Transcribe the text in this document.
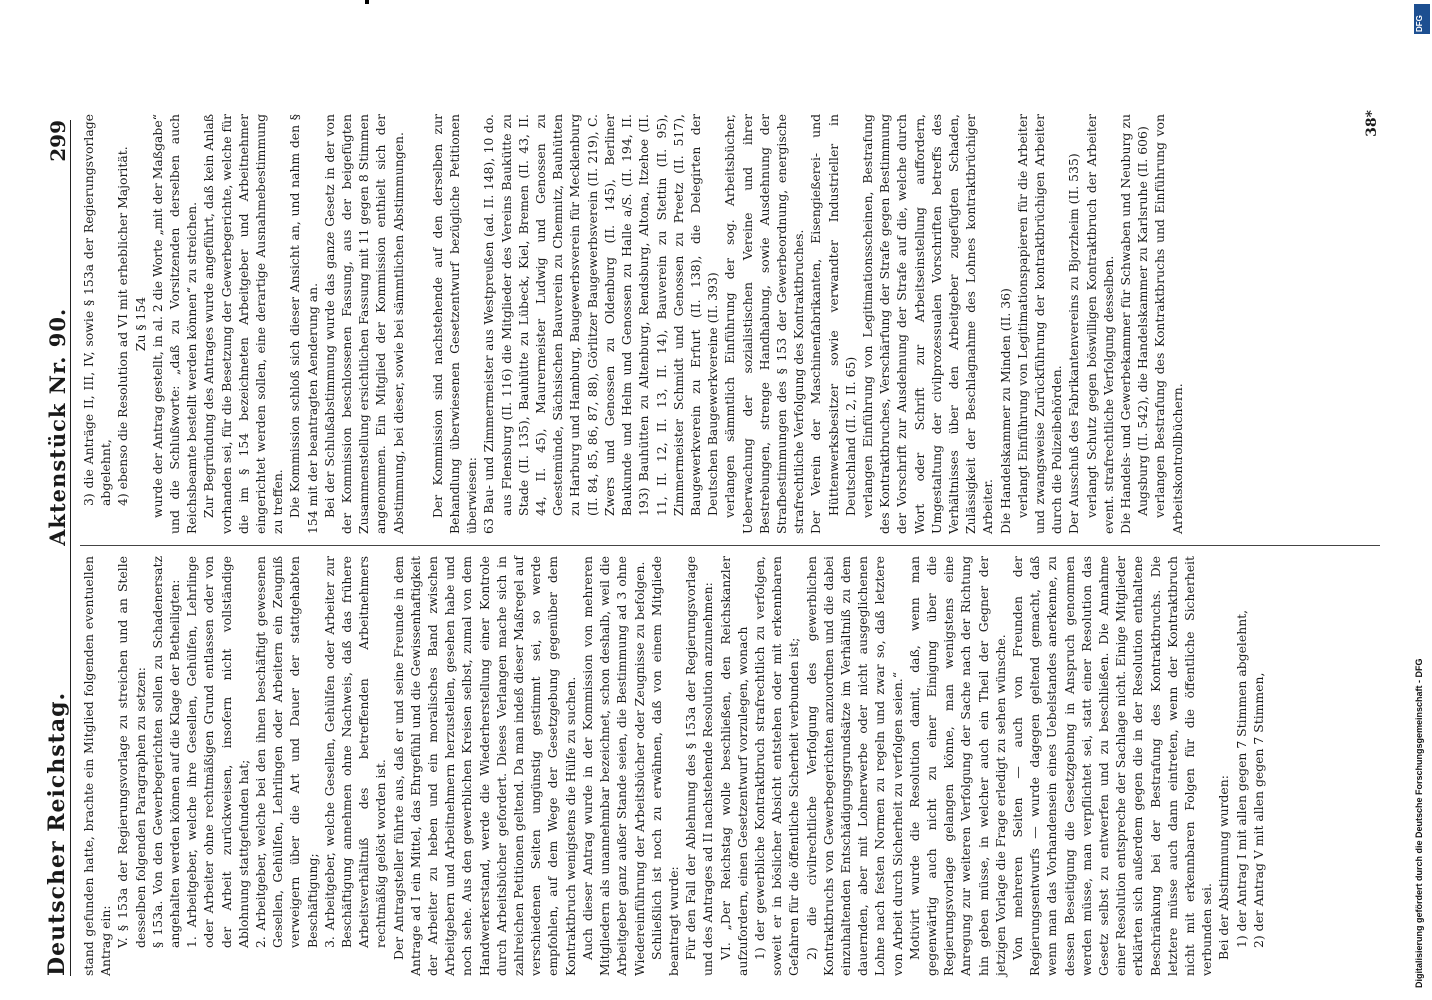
Deutscher Reichstag.
Aktenstück Nr. 90.
299

stand gefunden hatte, brachte ein Mitglied folgenden eventuellen Antrag ein: V. § 153a der Regierungsvorlage zu streichen und an Stelle desselben folgenden Paragraphen zu setzen: § 153a. Von den Gewerbegerichten sollen zu Schadenersatz angehalten werden können auf die Klage der Betheiligten: 1. Arbeitgeber, welche ihre Gesellen, Gehülfen, Lehrlinge oder Arbeiter ohne rechtmäßigen Grund entlassen oder von der Arbeit zurückweisen, insofern nicht vollständige Ablohnung stattgefunden hat; 2. Arbeitgeber, welche bei den ihnen beschäftigt gewesenen Gesellen, Gehülfen, Lehrlingen oder Arbeitern ein Zeugniß verweigern über die Art und Dauer der stattgehabten Beschäftigung; 3. Arbeitgeber, welche Gesellen, Gehülfen oder Arbeiter zur Beschäftigung annehmen ohne Nachweis, daß das frühere Arbeitsverhältniß des betreffenden Arbeitnehmers rechtmäßig gelöst worden ist. Der Antragsteller führte aus, daß er und seine Freunde in dem Antrage ad I ein Mittel, das Ehrgefühl und die Gewissenhaftigkeit der Arbeiter zu heben und ein moralisches Band zwischen Arbeitgebern und Arbeitnehmern herzustellen, gesehen habe und noch sehe. Aus den gewerblichen Kreisen selbst, zumal von dem Handwerkerstand, werde die Wiederherstellung einer Kontrole durch Arbeitsbücher gefordert. Dieses Verlangen mache sich in zahlreichen Petitionen geltend. Da man indeß dieser Maßregel auf verschiedenen Seiten ungünstig gestimmt sei, so werde empfohlen, auf dem Wege der Gesetzgebung gegenüber dem Kontraktbruch wenigstens die Hülfe zu suchen. Auch dieser Antrag wurde in der Kommission von mehreren Mitgliedern als unannehmbar bezeichnet, schon deshalb, weil die Arbeitgeber ganz außer Stande seien, die Bestimmung ad 3 ohne Wiedereinführung der Arbeitsbücher oder Zeugnisse zu befolgen. Schließlich ist noch zu erwähnen, daß von einem Mitgliede beantragt wurde: Für den Fall der Ablehnung des § 153a der Regierungsvorlage und des Antrages ad II nachstehende Resolution anzunehmen: VI. „Der Reichstag wolle beschließen, den Reichskanzler aufzufordern, einen Gesetzentwurf vorzulegen, wonach 1) der gewerbliche Kontraktbruch strafrechtlich zu verfolgen, soweit er in böslicher Absicht entstehen oder mit erkennbaren Gefahren für die öffentliche Sicherheit verbunden ist; 2) die civilrechtliche Verfolgung des gewerblichen Kontraktbruchs von Gewerbegerichten anzuordnen und die dabei einzuhaltenden Entschädigungsgrundsätze im Verhältniß zu dem dauernden, aber mit Lohnerwerbe oder nicht ausgeglichenen Lohne nach festen Normen zu regeln und zwar so, daß letztere von Arbeit durch Sicherheit zu verfolgen seien.“ Motivirt wurde die Resolution damit, daß, wenn man gegenwärtig auch nicht zu einer Einigung über die Regierungsvorlage gelangen könne, man wenigstens eine Anregung zur weiteren Verfolgung der Sache nach der Richtung hin geben müsse, in welcher auch ein Theil der Gegner der jetzigen Vorlage die Frage erledigt zu sehen wünsche. Von mehreren Seiten — auch von Freunden der Regierungsentwurfs — wurde dagegen geltend gemacht, daß wenn man das Vorhandensein eines Uebelstandes anerkenne, zu dessen Beseitigung die Gesetzgebung in Anspruch genommen werden müsse, man verpflichtet sei, statt einer Resolution das Gesetz selbst zu entwerfen und zu beschließen. Die Annahme einer Resolution entspreche der Sachlage nicht. Einige Mitglieder erklärten sich außerdem gegen die in der Resolution enthaltene Beschränkung bei der Bestrafung des Kontraktbruchs. Die letztere müsse auch dann eintreten, wenn der Kontraktbruch nicht mit erkennbaren Folgen für die öffentliche Sicherheit verbunden sei. Bei der Abstimmung wurden: 1) der Antrag I mit allen gegen 7 Stimmen abgelehnt, 2) der Antrag V mit allen gegen 7 Stimmen,

3) die Anträge II, III, IV, sowie § 153a der Regierungsvorlage abgelehnt, 4) ebenso die Resolution ad VI mit erheblicher Majorität. Zu § 154 wurde der Antrag gestellt, in al. 2 die Worte „mit der Maßgabe“ und die Schlußworte: „daß zu Vorsitzenden derselben auch Reichsbeamte bestellt werden können“ zu streichen. Zur Begründung des Antrages wurde angeführt, daß kein Anlaß vorhanden sei, für die Besetzung der Gewerbegerichte, welche für die im § 154 bezeichneten Arbeitgeber und Arbeitnehmer eingerichtet werden sollen, eine derartige Ausnahmebestimmung zu treffen. Die Kommission schloß sich dieser Ansicht an, und nahm den § 154 mit der beantragten Aenderung an. Bei der Schlußabstimmung wurde das ganze Gesetz in der von der Kommission beschlossenen Fassung, aus der beigefügten Zusammenstellung ersichtlichen Fassung mit 11 gegen 8 Stimmen angenommen. Ein Mitglied der Kommission enthielt sich der Abstimmung, bei dieser, sowie bei sämmtlichen Abstimmungen. Der Kommission sind nachstehende auf den derselben zur Behandlung überwiesenen Gesetzentwurf bezügliche Petitionen überwiesen: 63 Bau- und Zimmermeister aus Westpreußen (ad. II. 148), 10 do. aus Flensburg (II. 116) die Mitglieder des Vereins Baukütte zu Stade (II. 135), Bauhütte zu Lübeck, Kiel, Bremen (II. 43, II. 44, II. 45), Maurermeister Ludwig und Genossen zu Geestemünde, Sächsischen Bauverein zu Chemnitz, Bauhütten zu Harburg und Hamburg, Baugewerbsverein für Mecklenburg (II. 84, 85, 86, 87, 88), Görlitzer Baugewerbsverein (II. 219), C. Zwers und Genossen zu Oldenburg (II. 145), Berliner Baukunde und Helm und Genossen zu Halle a/S. (II. 194, II. 193) Bauhütten zu Altenburg, Rendsburg, Altona, Itzehoe (II. 11, II. 12, II. 13, II. 14), Bauverein zu Stettin (II. 95), Zimmermeister Schmidt und Genossen zu Preetz (II. 517), Baugewerkverein zu Erfurt (II. 138), die Delegirten der Deutschen Baugewerkvereine (II. 393) verlangen sämmtlich Einführung der sog. Arbeitsbücher, Ueberwachung der sozialistischen Vereine und ihrer Bestrebungen, strenge Handhabung, sowie Ausdehnung der Strafbestimmungen des § 153 der Gewerbeordnung, energische strafrechtliche Verfolgung des Kontraktbruches. Der Verein der Maschinenfabrikanten, Eisengießerei- und Hüttenwerksbesitzer sowie verwandter Industrieller in Deutschland (II. 2, II. 65) verlangen Einführung von Legitimationsscheinen, Bestrafung des Kontraktbruches, Verschärfung der Strafe gegen Bestimmung der Vorschrift zur Ausdehnung der Strafe auf die, welche durch Wort oder Schrift zur Arbeitseinstellung auffordern, Umgestaltung der civilprozessualen Vorschriften betreffs des Verhältnisses über den Arbeitgeber zugefügten Schaden, Zulässigkeit der Beschlagnahme des Lohnes kontraktbrüchiger Arbeiter. Die Handelskammer zu Minden (II. 36) verlangt Einführung von Legitimationspapieren für die Arbeiter und zwangsweise Zurückführung der kontraktbrüchigen Arbeiter durch die Polizeibehörden. Der Ausschuß des Fabrikantenvereins zu Bjorzheim (II. 535) verlangt Schutz gegen böswilligen Kontraktbruch der Arbeiter event. strafrechtliche Verfolgung desselben. Die Handels- und Gewerbekammer für Schwaben und Neuburg zu Augsburg (II. 542), die Handelskammer zu Karlsruhe (II. 606) verlangen Bestrafung des Kontraktbruchs und Einführung von Arbeitskontrollbüchern.

38*
DFG
Digitalisierung gefördert durch die Deutsche Forschungsgemeinschaft - DFG
